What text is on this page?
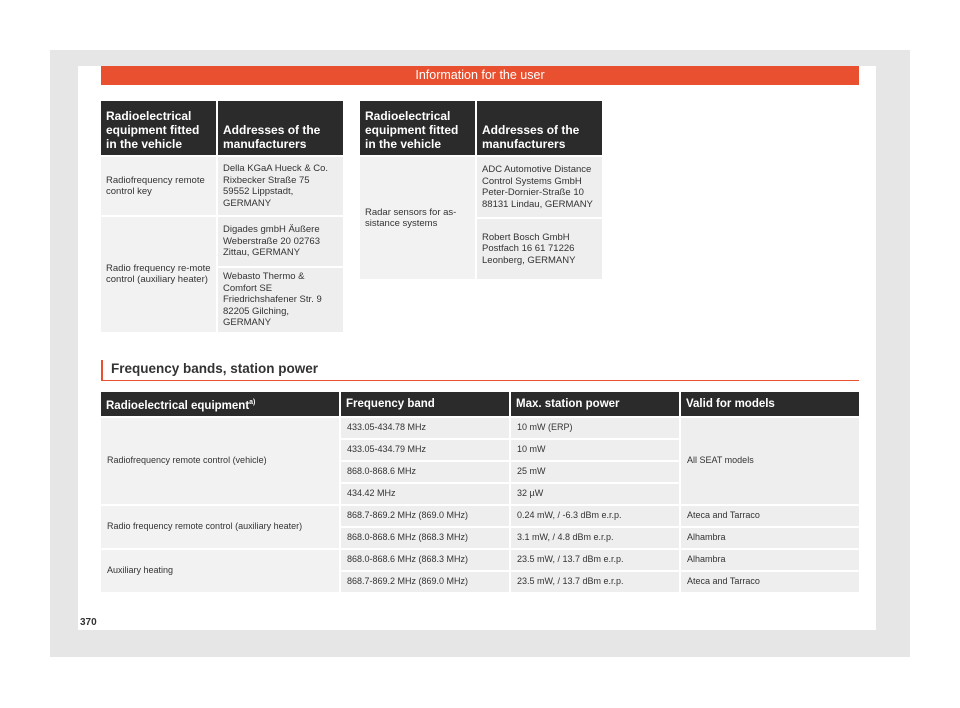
Information for the user
Radioelectrical equipment fitted in the vehicle	Addresses of the manufacturers
Radiofrequency remote control key	Della KGaA Hueck & Co. Rixbecker Straße 75 59552 Lippstadt, GERMANY
Radio frequency re-mote control (auxiliary heater)	Digades gmbH Äußere Weberstraße 20 02763 Zittau, GERMANY
	Webasto Thermo & Comfort SE Friedrichshafener Str. 9 82205 Gilching, GERMANY
Radioelectrical equipment fitted in the vehicle	Addresses of the manufacturers
Radar sensors for as-sistance systems	ADC Automotive Distance Control Systems GmbH Peter-Dornier-Straße 10 88131 Lindau, GERMANY
	Robert Bosch GmbH Postfach 16 61 71226 Leonberg, GERMANY
Frequency bands, station power
Radioelectrical equipment$^{a)}$	Frequency band	Max. station power	Valid for models
Radiofrequency remote control (vehicle)	433.05-434.78 MHz	10 mW (ERP)	All SEAT models
	433.05-434.79 MHz	10 mW	
	868.0-868.6 MHz	25 mW	
	434.42 MHz	32 µW	
Radio frequency remote control (auxiliary heater)	868.7-869.2 MHz (869.0 MHz)	0.24 mW, / -6.3 dBm e.r.p.	Ateca and Tarraco
	868.0-868.6 MHz (868.3 MHz)	3.1 mW, / 4.8 dBm e.r.p.	Alhambra
Auxiliary heating	868.0-868.6 MHz (868.3 MHz)	23.5 mW, / 13.7 dBm e.r.p.	Alhambra
	868.7-869.2 MHz (869.0 MHz)	23.5 mW, / 13.7 dBm e.r.p.	Ateca and Tarraco
370
